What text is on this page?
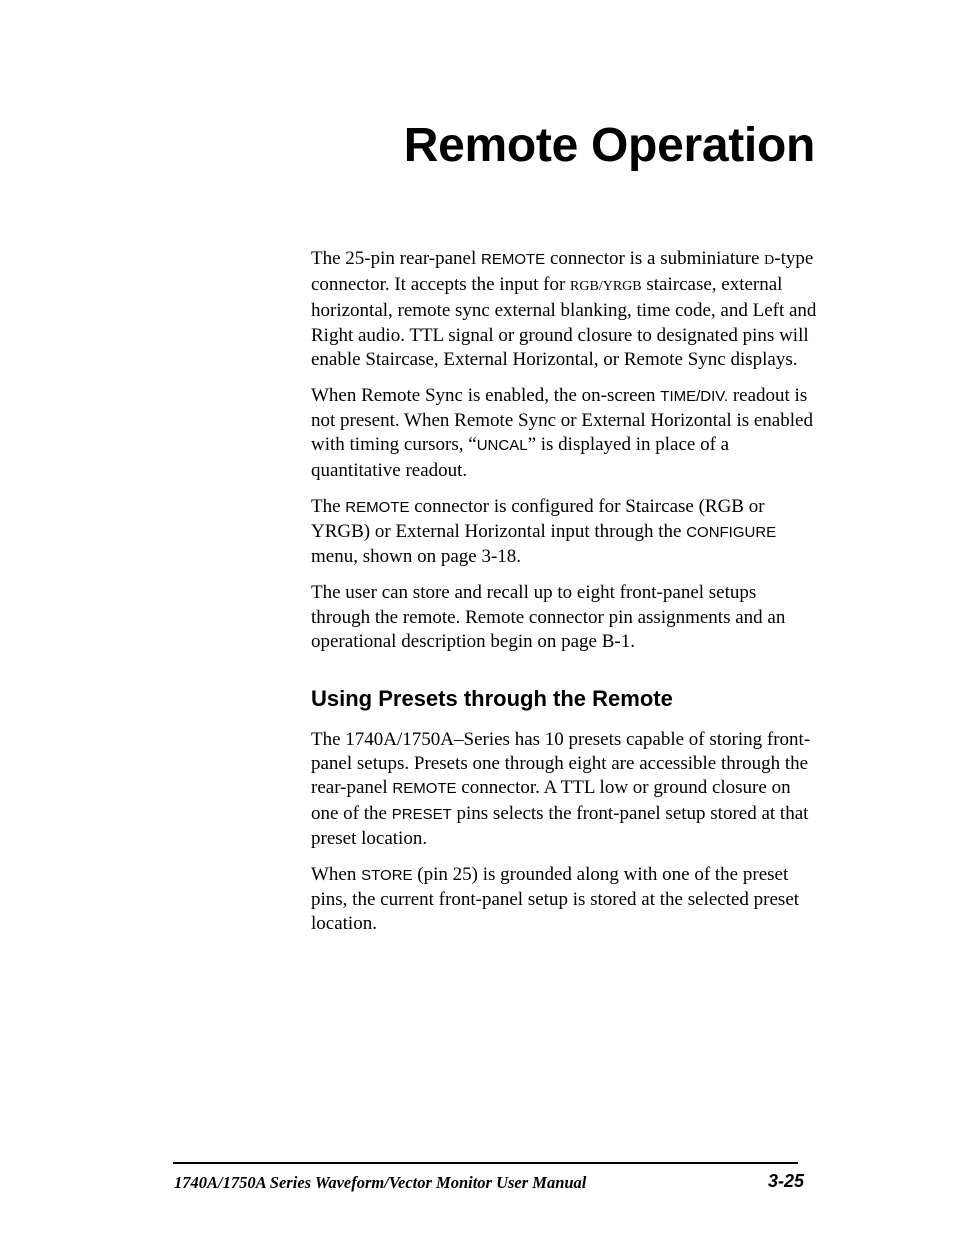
Remote Operation

The 25-pin rear-panel REMOTE connector is a subminiature D-type connector. It accepts the input for RGB/YRGB staircase, external horizontal, remote sync external blanking, time code, and Left and Right audio. TTL signal or ground closure to designated pins will enable Staircase, External Horizontal, or Remote Sync displays.

When Remote Sync is enabled, the on-screen TIME/DIV. readout is not present. When Remote Sync or External Horizontal is enabled with timing cursors, “UNCAL” is displayed in place of a quantitative readout.

The REMOTE connector is configured for Staircase (RGB or YRGB) or External Horizontal input through the CONFIGURE menu, shown on page 3-18.

The user can store and recall up to eight front-panel setups through the remote. Remote connector pin assignments and an operational description begin on page B-1.

Using Presets through the Remote

The 1740A/1750A–Series has 10 presets capable of storing front-panel setups. Presets one through eight are accessible through the rear-panel REMOTE connector. A TTL low or ground closure on one of the PRESET pins selects the front-panel setup stored at that preset location.

When STORE (pin 25) is grounded along with one of the preset pins, the current front-panel setup is stored at the selected preset location.

1740A/1750A Series Waveform/Vector Monitor User Manual	3-25
